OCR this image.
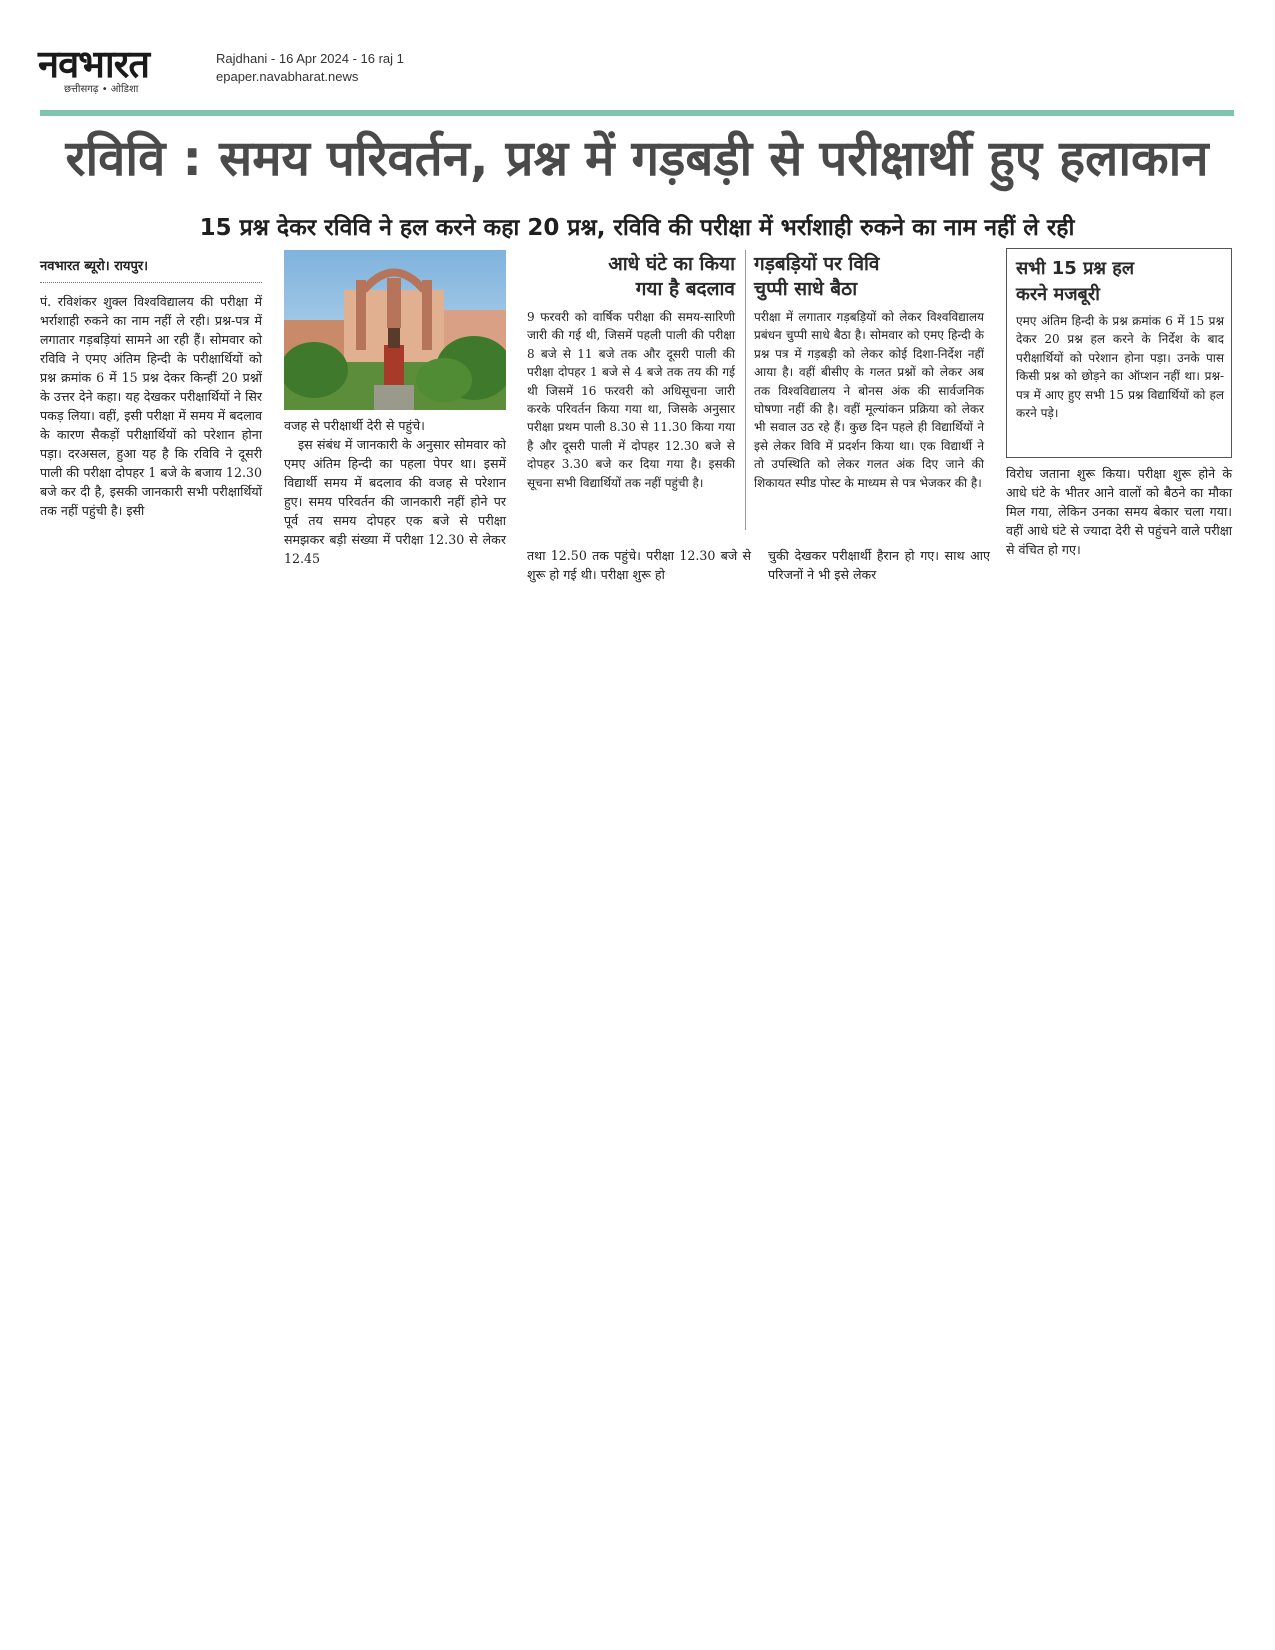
नवभारत
छत्तीसगढ़ • ओडिशा
Rajdhani - 16 Apr 2024 - 16 raj 1
epaper.navabharat.news
रविवि : समय परिवर्तन, प्रश्न में गड़बड़ी से परीक्षार्थी हुए हलाकान
15 प्रश्न देकर रविवि ने हल करने कहा 20 प्रश्न, रविवि की परीक्षा में भर्राशाही रुकने का नाम नहीं ले रही
नवभारत ब्यूरो। रायपुर।

पं. रविशंकर शुक्ल विश्वविद्यालय की परीक्षा में भर्राशाही रुकने का नाम नहीं ले रही। प्रश्न-पत्र में लगातार गड़बड़ियां सामने आ रही हैं। सोमवार को रविवि ने एमए अंतिम हिन्दी के परीक्षार्थियों को प्रश्न क्रमांक 6 में 15 प्रश्न देकर किन्हीं 20 प्रश्नों के उत्तर देने कहा। यह देखकर परीक्षार्थियों ने सिर पकड़ लिया। वहीं, इसी परीक्षा में समय में बदलाव के कारण सैकड़ों परीक्षार्थियों को परेशान होना पड़ा। दरअसल, हुआ यह है कि रविवि ने दूसरी पाली की परीक्षा दोपहर 1 बजे के बजाय 12.30 बजे कर दी है, इसकी जानकारी सभी परीक्षार्थियों तक नहीं पहुंची है। इसी

वजह से परीक्षार्थी देरी से पहुंचे।

इस संबंध में जानकारी के अनुसार सोमवार को एमए अंतिम हिन्दी का पहला पेपर था। इसमें विद्यार्थी समय में बदलाव की वजह से परेशान हुए। समय परिवर्तन की जानकारी नहीं होने पर पूर्व तय समय दोपहर एक बजे से परीक्षा समझकर बड़ी संख्या में परीक्षा 12.30 से लेकर 12.45

आधे घंटे का किया
गया है बदलाव

9 फरवरी को वार्षिक परीक्षा की समय-सारिणी जारी की गई थी, जिसमें पहली पाली की परीक्षा 8 बजे से 11 बजे तक और दूसरी पाली की परीक्षा दोपहर 1 बजे से 4 बजे तक तय की गई थी जिसमें 16 फरवरी को अधिसूचना जारी करके परिवर्तन किया गया था, जिसके अनुसार परीक्षा प्रथम पाली 8.30 से 11.30 किया गया है और दूसरी पाली में दोपहर 12.30 बजे से दोपहर 3.30 बजे कर दिया गया है। इसकी सूचना सभी विद्यार्थियों तक नहीं पहुंची है।

तथा 12.50 तक पहुंचे। परीक्षा 12.30 बजे से शुरू हो गई थी। परीक्षा शुरू हो

गड़बड़ियों पर विवि
चुप्पी साधे बैठा

परीक्षा में लगातार गड़बड़ियों को लेकर विश्वविद्यालय प्रबंधन चुप्पी साधे बैठा है। सोमवार को एमए हिन्दी के प्रश्न पत्र में गड़बड़ी को लेकर कोई दिशा-निर्देश नहीं आया है। वहीं बीसीए के गलत प्रश्नों को लेकर अब तक विश्वविद्यालय ने बोनस अंक की सार्वजनिक घोषणा नहीं की है। वहीं मूल्यांकन प्रक्रिया को लेकर भी सवाल उठ रहे हैं। कुछ दिन पहले ही विद्यार्थियों ने इसे लेकर विवि में प्रदर्शन किया था। एक विद्यार्थी ने तो उपस्थिति को लेकर गलत अंक दिए जाने की शिकायत स्पीड पोस्ट के माध्यम से पत्र भेजकर की है।

चुकी देखकर परीक्षार्थी हैरान हो गए। साथ आए परिजनों ने भी इसे लेकर

सभी 15 प्रश्न हल
करने मजबूरी

एमए अंतिम हिन्दी के प्रश्न क्रमांक 6 में 15 प्रश्न देकर 20 प्रश्न हल करने के निर्देश के बाद परीक्षार्थियों को परेशान होना पड़ा। उनके पास किसी प्रश्न को छोड़ने का ऑप्शन नहीं था। प्रश्न-पत्र में आए हुए सभी 15 प्रश्न विद्यार्थियों को हल करने पड़े।

विरोध जताना शुरू किया। परीक्षा शुरू होने के आधे घंटे के भीतर आने वालों को बैठने का मौका मिल गया, लेकिन उनका समय बेकार चला गया। वहीं आधे घंटे से ज्यादा देरी से पहुंचने वाले परीक्षा से वंचित हो गए।
